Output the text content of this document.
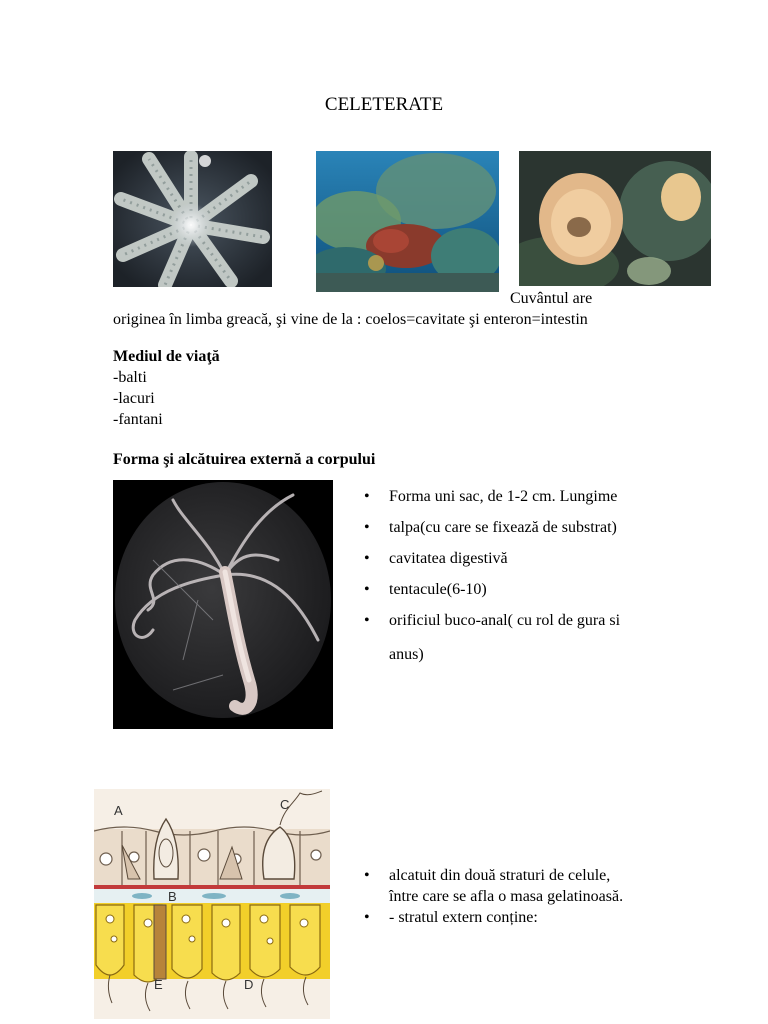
CELETERATE
Cuvântul are
originea în limba greacă, şi vine de la : coelos=cavitate şi enteron=intestin
Mediul de viaţă
-balti
-lacuri
-fantani
Forma şi alcătuirea externă a corpului
• Forma uni sac, de 1-2 cm. Lungime
• talpa(cu care se fixează de substrat)
• cavitatea digestivă
• tentacule(6-10)
• orificiul buco-anal( cu rol de gura si
anus)
A
B
C
D
E
• alcatuit din două straturi de celule,
între care se afla o masa gelatinoasă.
• - stratul extern conține:
